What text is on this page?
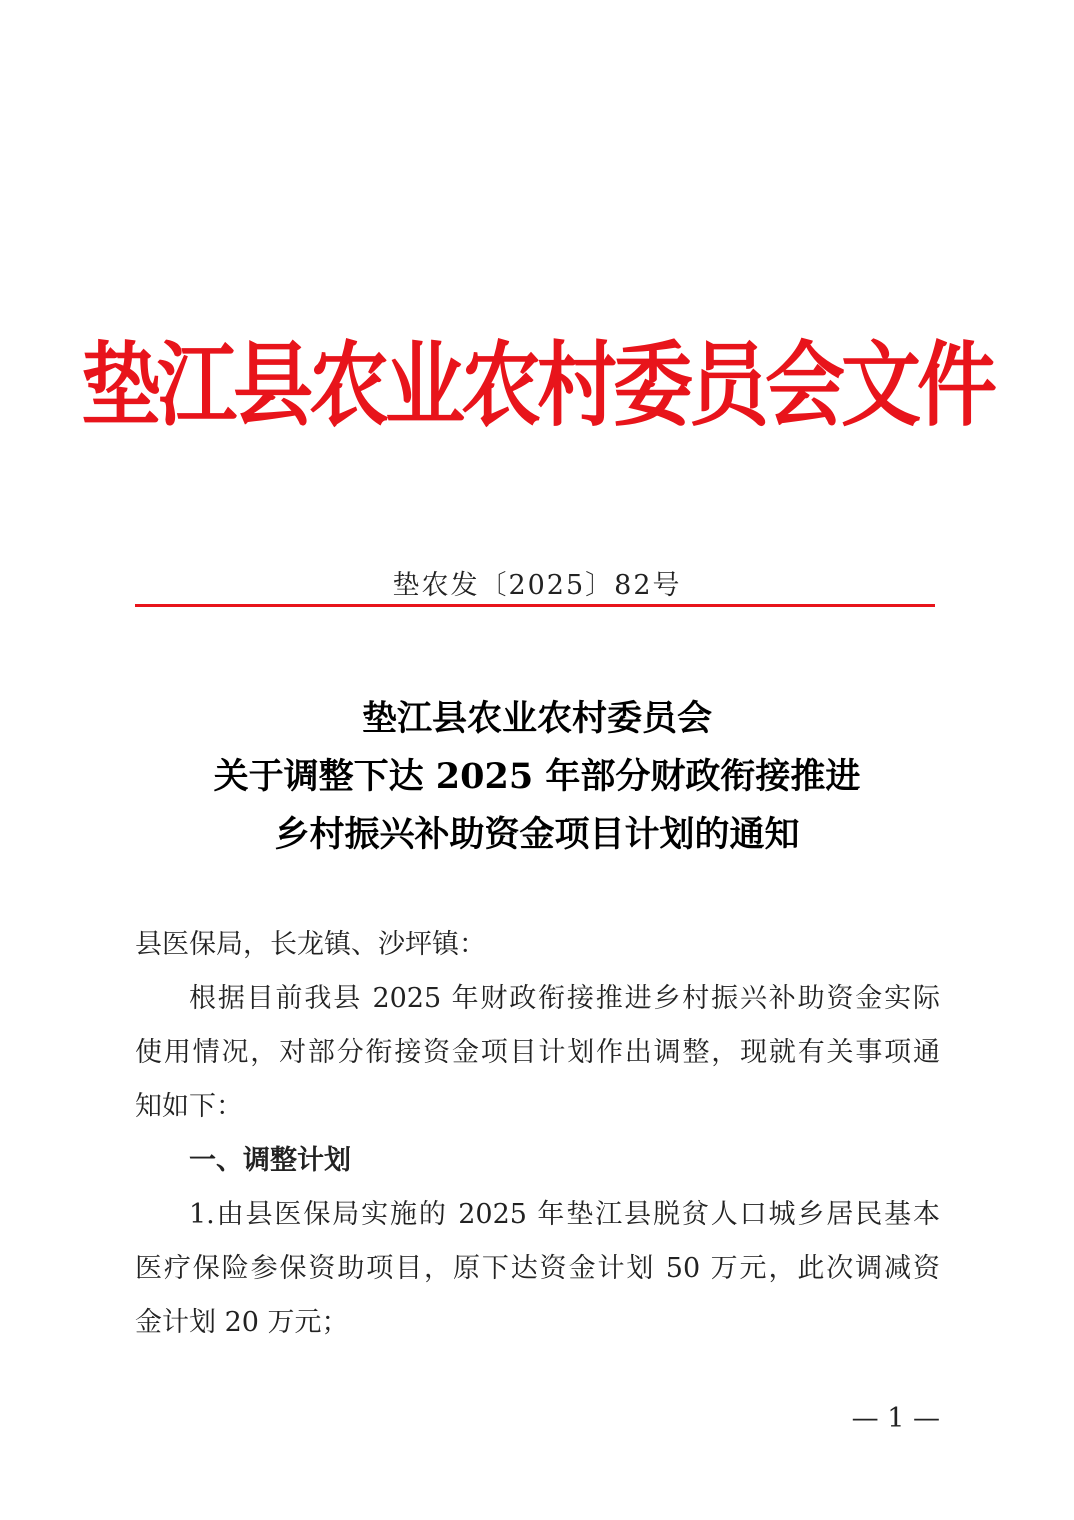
垫江县农业农村委员会文件
垫农发〔2025〕82号
垫江县农业农村委员会
关于调整下达 2025 年部分财政衔接推进
乡村振兴补助资金项目计划的通知
县医保局，长龙镇、沙坪镇：
根据目前我县 2025 年财政衔接推进乡村振兴补助资金实际
使用情况，对部分衔接资金项目计划作出调整，现就有关事项通
知如下：
一、调整计划
1.由县医保局实施的 2025 年垫江县脱贫人口城乡居民基本
医疗保险参保资助项目，原下达资金计划 50 万元，此次调减资
金计划 20 万元；
— 1 —
